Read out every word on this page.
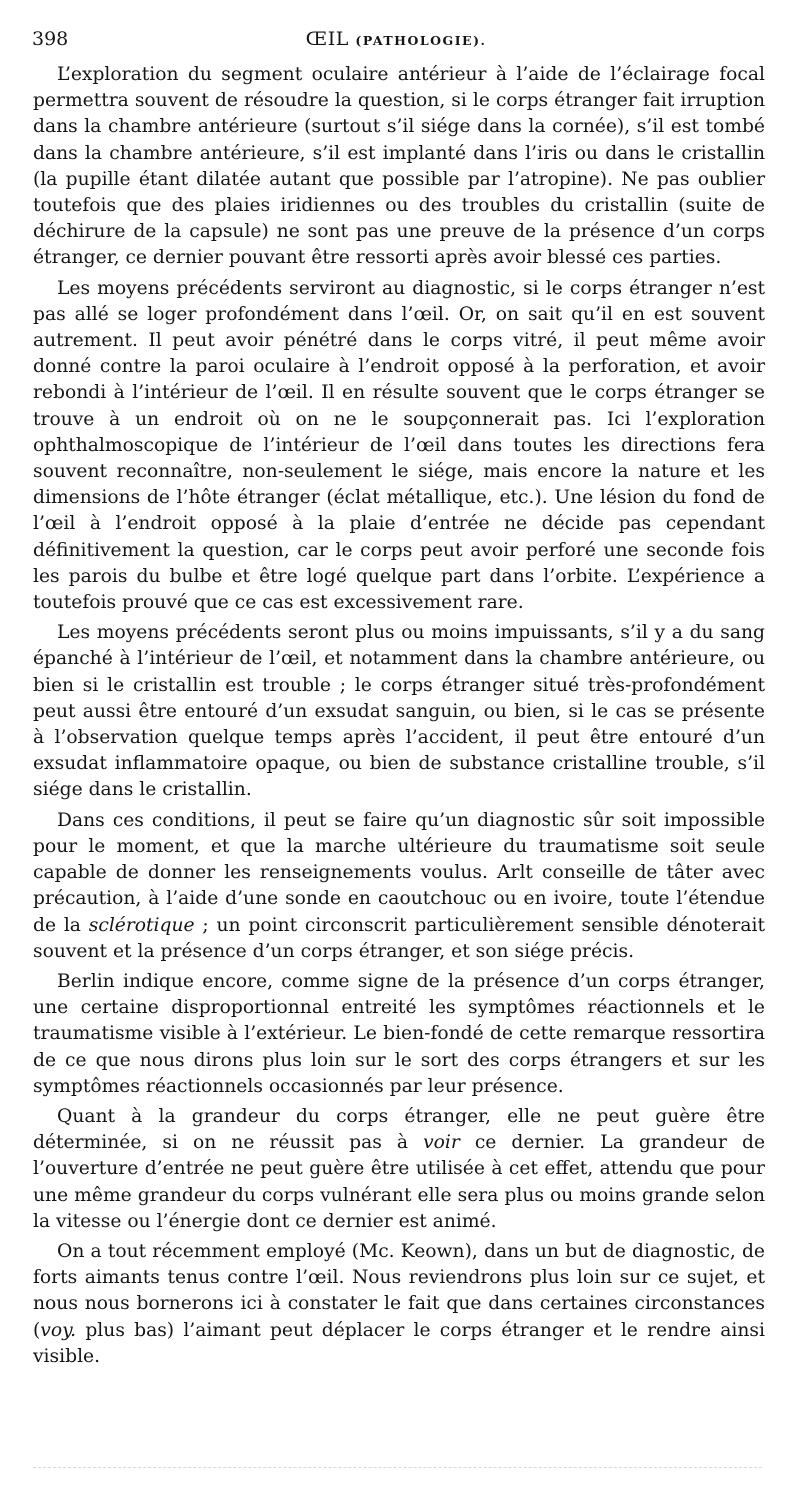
398	ŒIL (PATHOLOGIE).

L’exploration du segment oculaire antérieur à l’aide de l’éclairage focal permettra souvent de résoudre la question, si le corps étranger fait irruption dans la chambre antérieure (surtout s’il siége dans la cornée), s’il est tombé dans la chambre antérieure, s’il est implanté dans l’iris ou dans le cristallin (la pupille étant dilatée autant que possible par l’atropine). Ne pas oublier toutefois que des plaies iridiennes ou des troubles du cristallin (suite de déchirure de la capsule) ne sont pas une preuve de la présence d’un corps étranger, ce dernier pouvant être ressorti après avoir blessé ces parties.

Les moyens précédents serviront au diagnostic, si le corps étranger n’est pas allé se loger profondément dans l’œil. Or, on sait qu’il en est souvent autrement. Il peut avoir pénétré dans le corps vitré, il peut même avoir donné contre la paroi oculaire à l’endroit opposé à la perforation, et avoir rebondi à l’intérieur de l’œil. Il en résulte souvent que le corps étranger se trouve à un endroit où on ne le soupçonnerait pas. Ici l’exploration ophthalmoscopique de l’intérieur de l’œil dans toutes les directions fera souvent reconnaître, non-seulement le siége, mais encore la nature et les dimensions de l’hôte étranger (éclat métallique, etc.). Une lésion du fond de l’œil à l’endroit opposé à la plaie d’entrée ne décide pas cependant définitivement la question, car le corps peut avoir perforé une seconde fois les parois du bulbe et être logé quelque part dans l’orbite. L’expérience a toutefois prouvé que ce cas est excessivement rare.

Les moyens précédents seront plus ou moins impuissants, s’il y a du sang épanché à l’intérieur de l’œil, et notamment dans la chambre antérieure, ou bien si le cristallin est trouble ; le corps étranger situé très-profondément peut aussi être entouré d’un exsudat sanguin, ou bien, si le cas se présente à l’observation quelque temps après l’accident, il peut être entouré d’un exsudat inflammatoire opaque, ou bien de substance cristalline trouble, s’il siége dans le cristallin.

Dans ces conditions, il peut se faire qu’un diagnostic sûr soit impossible pour le moment, et que la marche ultérieure du traumatisme soit seule capable de donner les renseignements voulus. Arlt conseille de tâter avec précaution, à l’aide d’une sonde en caoutchouc ou en ivoire, toute l’étendue de la sclérotique ; un point circonscrit particulièrement sensible dénoterait souvent et la présence d’un corps étranger, et son siége précis.

Berlin indique encore, comme signe de la présence d’un corps étranger, une certaine disproportionnal entreité les symptômes réactionnels et le traumatisme visible à l’extérieur. Le bien-fondé de cette remarque ressortira de ce que nous dirons plus loin sur le sort des corps étrangers et sur les symptômes réactionnels occasionnés par leur présence.

Quant à la grandeur du corps étranger, elle ne peut guère être déterminée, si on ne réussit pas à voir ce dernier. La grandeur de l’ouverture d’entrée ne peut guère être utilisée à cet effet, attendu que pour une même grandeur du corps vulnérant elle sera plus ou moins grande selon la vitesse ou l’énergie dont ce dernier est animé.

On a tout récemment employé (Mc. Keown), dans un but de diagnostic, de forts aimants tenus contre l’œil. Nous reviendrons plus loin sur ce sujet, et nous nous bornerons ici à constater le fait que dans certaines circonstances (voy. plus bas) l’aimant peut déplacer le corps étranger et le rendre ainsi visible.
